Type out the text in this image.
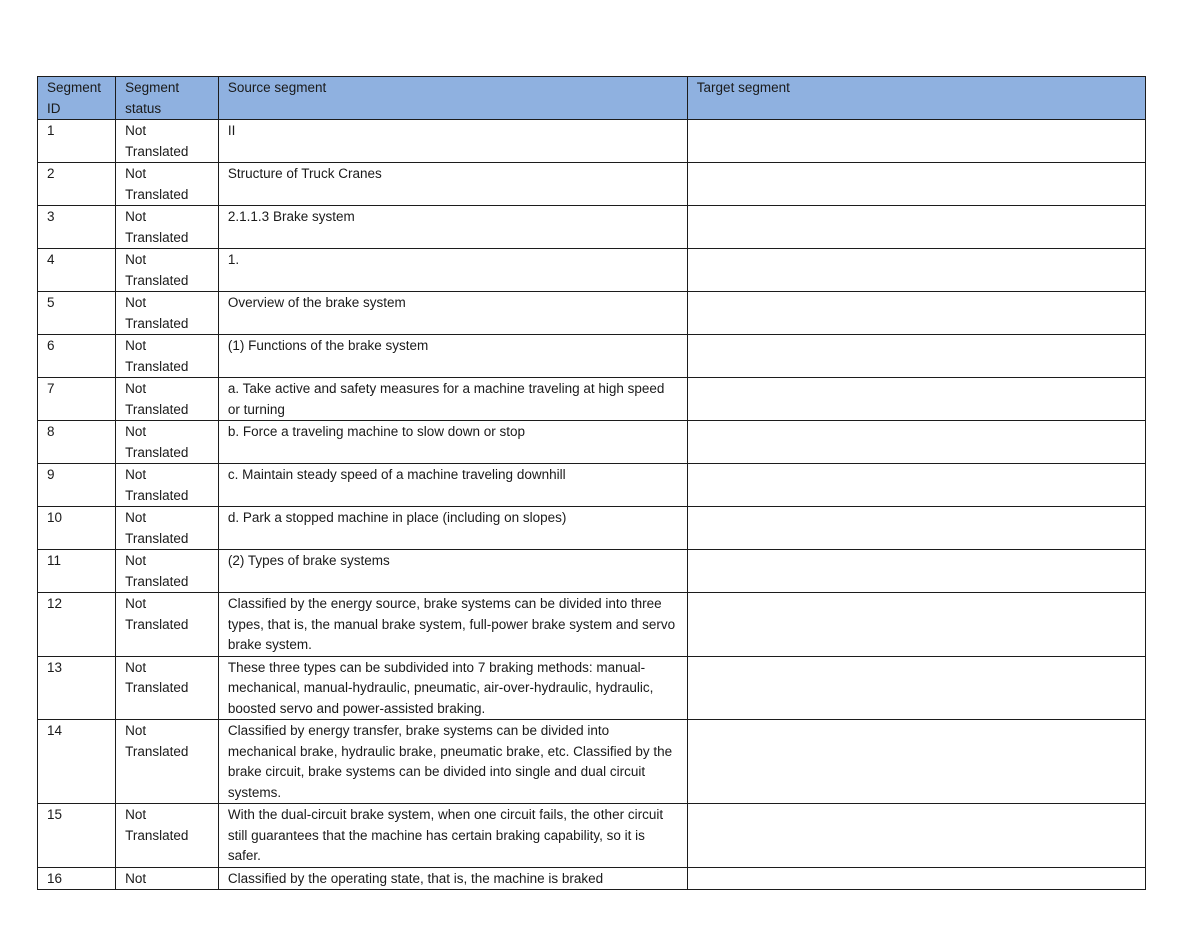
Segment ID	Segment status	Source segment	Target segment
1	Not Translated	II	
2	Not Translated	Structure of Truck Cranes	
3	Not Translated	2.1.1.3 Brake system	
4	Not Translated	1.	
5	Not Translated	Overview of the brake system	
6	Not Translated	(1) Functions of the brake system	
7	Not Translated	a. Take active and safety measures for a machine traveling at high speed or turning	
8	Not Translated	b. Force a traveling machine to slow down or stop	
9	Not Translated	c. Maintain steady speed of a machine traveling downhill	
10	Not Translated	d. Park a stopped machine in place (including on slopes)	
11	Not Translated	(2) Types of brake systems	
12	Not Translated	Classified by the energy source, brake systems can be divided into three types, that is, the manual brake system, full-power brake system and servo brake system.	
13	Not Translated	These three types can be subdivided into 7 braking methods: manual-mechanical, manual-hydraulic, pneumatic, air-over-hydraulic, hydraulic, boosted servo and power-assisted braking.	
14	Not Translated	Classified by energy transfer, brake systems can be divided into mechanical brake, hydraulic brake, pneumatic brake, etc. Classified by the brake circuit, brake systems can be divided into single and dual circuit systems.	
15	Not Translated	With the dual-circuit brake system, when one circuit fails, the other circuit still guarantees that the machine has certain braking capability, so it is safer.	
16	Not	Classified by the operating state, that is, the machine is braked	
